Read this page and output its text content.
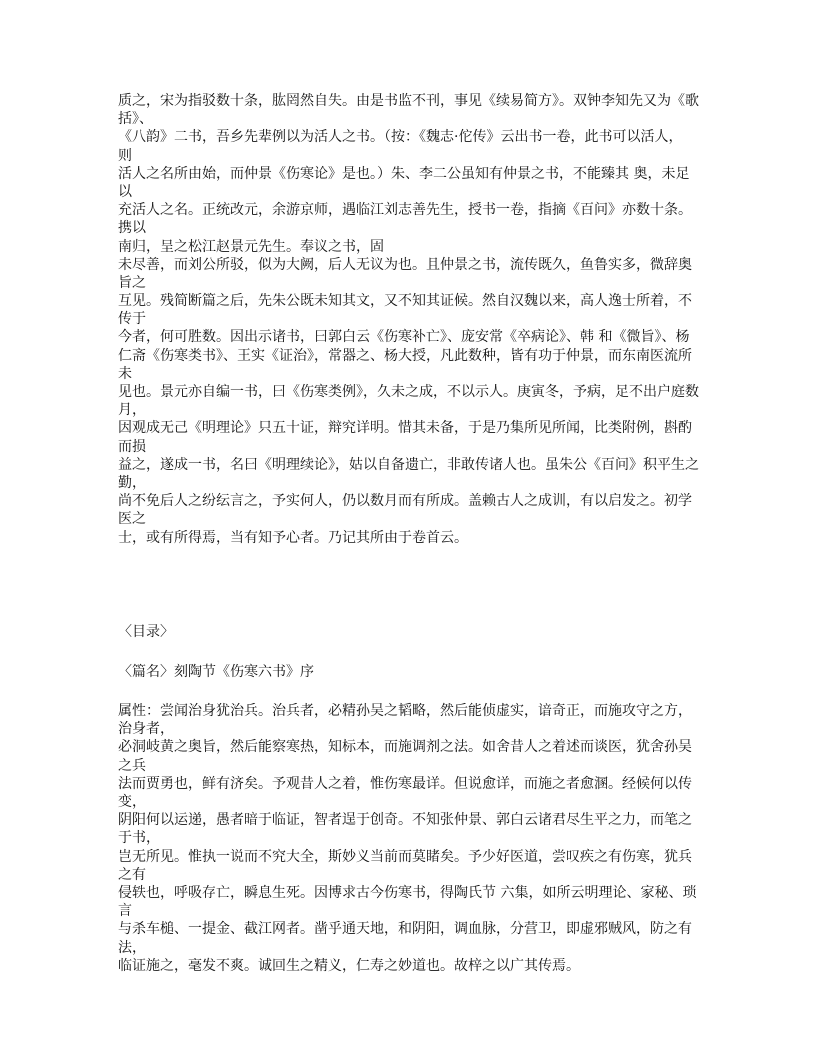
质之，宋为指驳数十条，肱罔然自失。由是书监不刊，事见《续易简方》。双钟李知先又为《歌
括》、
《八韵》二书，吾乡先辈例以为活人之书。（按：《魏志·佗传》云出书一卷，此书可以活人，
则
活人之名所由始，而仲景《伤寒论》是也。）朱、李二公虽知有仲景之书，不能臻其 奥，未足
以
充活人之名。正统改元，余游京师，遇临江刘志善先生，授书一卷，指摘《百问》亦数十条。
携以
南归，呈之松江赵景元先生。奉议之书，固
未尽善，而刘公所驳，似为大阙，后人无议为也。且仲景之书，流传既久，鱼鲁实多，微辞奥
旨之
互见。残简断篇之后，先朱公既未知其文，又不知其证候。然自汉魏以来，高人逸士所着，不
传于
今者，何可胜数。因出示诸书，曰郭白云《伤寒补亡》、庞安常《卒病论》、韩 和《微旨》、杨
仁斋《伤寒类书》、王实《证治》，常器之、杨大授，凡此数种，皆有功于仲景，而东南医流所
未
见也。景元亦自编一书，曰《伤寒类例》，久未之成，不以示人。庚寅冬，予病，足不出户庭数
月，
因观成无己《明理论》只五十证，辩究详明。惜其未备，于是乃集所见所闻，比类附例，斟酌
而损
益之，遂成一书，名曰《明理续论》，姑以自备遗亡，非敢传诸人也。虽朱公《百问》积平生之
勤，
尚不免后人之纷纭言之，予实何人，仍以数月而有所成。盖赖古人之成训，有以启发之。初学
医之
士，或有所得焉，当有知予心者。乃记其所由于卷首云。
〈目录〉
〈篇名〉刻陶节《伤寒六书》序
属性：尝闻治身犹治兵。治兵者，必精孙吴之韬略，然后能侦虚实，谙奇正，而施攻守之方，
治身者，
必洞岐黄之奥旨，然后能察寒热，知标本，而施调剂之法。如舍昔人之着述而谈医，犹舍孙吴
之兵
法而贾勇也，鲜有济矣。予观昔人之着，惟伤寒最详。但说愈详，而施之者愈溷。经候何以传
变，
阴阳何以运递，愚者暗于临证，智者逞于创奇。不知张仲景、郭白云诸君尽生平之力，而笔之
于书，
岂无所见。惟执一说而不究大全，斯妙义当前而莫睹矣。予少好医道，尝叹疾之有伤寒，犹兵
之有
侵轶也，呼吸存亡，瞬息生死。因博求古今伤寒书，得陶氏节 六集，如所云明理论、家秘、琐
言
与杀车槌、一提金、截江网者。凿乎通天地，和阴阳，调血脉，分营卫，即虚邪贼风，防之有
法，
临证施之，毫发不爽。诚回生之精义，仁寿之妙道也。故梓之以广其传焉。
